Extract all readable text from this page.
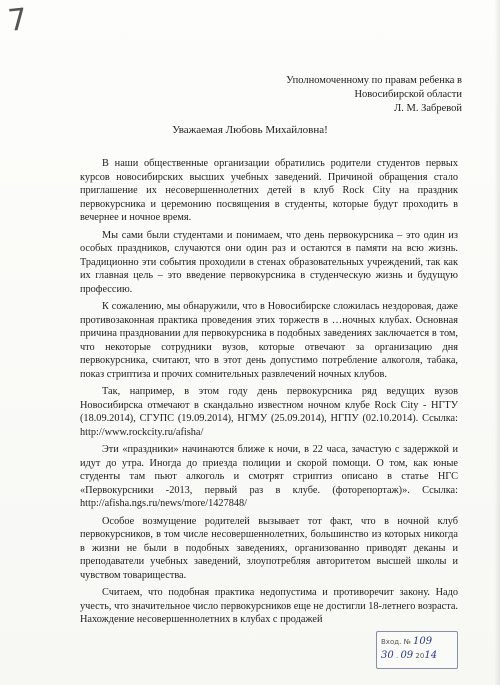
7
Уполномоченному по правам ребенка в
Новосибирской области
Л. М. Забревой
Уважаемая Любовь Михайловна!

В наши общественные организации обратились родители студентов первых курсов новосибирских высших учебных заведений. Причиной обращения стало приглашение их несовершеннолетних детей в клуб Rock City на праздник первокурсника и церемонию посвящения в студенты, которые будут проходить в вечернее и ночное время.

Мы сами были студентами и понимаем, что день первокурсника – это один из особых праздников, случаются они один раз и остаются в памяти на всю жизнь. Традиционно эти события проходили в стенах образовательных учреждений, так как их главная цель – это введение первокурсника в студенческую жизнь и будущую профессию.

К сожалению, мы обнаружили, что в Новосибирске сложилась нездоровая, даже противозаконная практика проведения этих торжеств в …ночных клубах. Основная причина праздновании для первокурсника в подобных заведениях заключается в том, что некоторые сотрудники вузов, которые отвечают за организацию дня первокурсника, считают, что в этот день допустимо потребление алкоголя, табака, показ стриптиза и прочих сомнительных развлечений ночных клубов.

Так, например, в этом году день первокурсника ряд ведущих вузов Новосибирска отмечают в скандально известном ночном клубе Rock City - НГТУ (18.09.2014), СГУПС (19.09.2014), НГМУ (25.09.2014), НГПУ (02.10.2014). Ссылка: http://www.rockcity.ru/afisha/

Эти «праздники» начинаются ближе к ночи, в 22 часа, зачастую с задержкой и идут до утра. Иногда до приезда полиции и скорой помощи. О том, как юные студенты там пьют алкоголь и смотрят стриптиз описано в статье НГС «Первокурсники -2013, первый раз в клубе. (фоторепортаж)». Ссылка: http://afisha.ngs.ru/news/more/1427848/

Особое возмущение родителей вызывает тот факт, что в ночной клуб первокурсников, в том числе несовершеннолетних, большинство из которых никогда в жизни не были в подобных заведениях, организованно приводят деканы и преподаватели учебных заведений, злоупотребляя авторитетом высшей школы и чувством товарищества.

Считаем, что подобная практика недопустима и противоречит закону. Надо учесть, что значительное число первокурсников еще не достигли 18-летнего возраста. Нахождение несовершеннолетних в клубах с продажей

Вход. № 109
30 . 09 2014
